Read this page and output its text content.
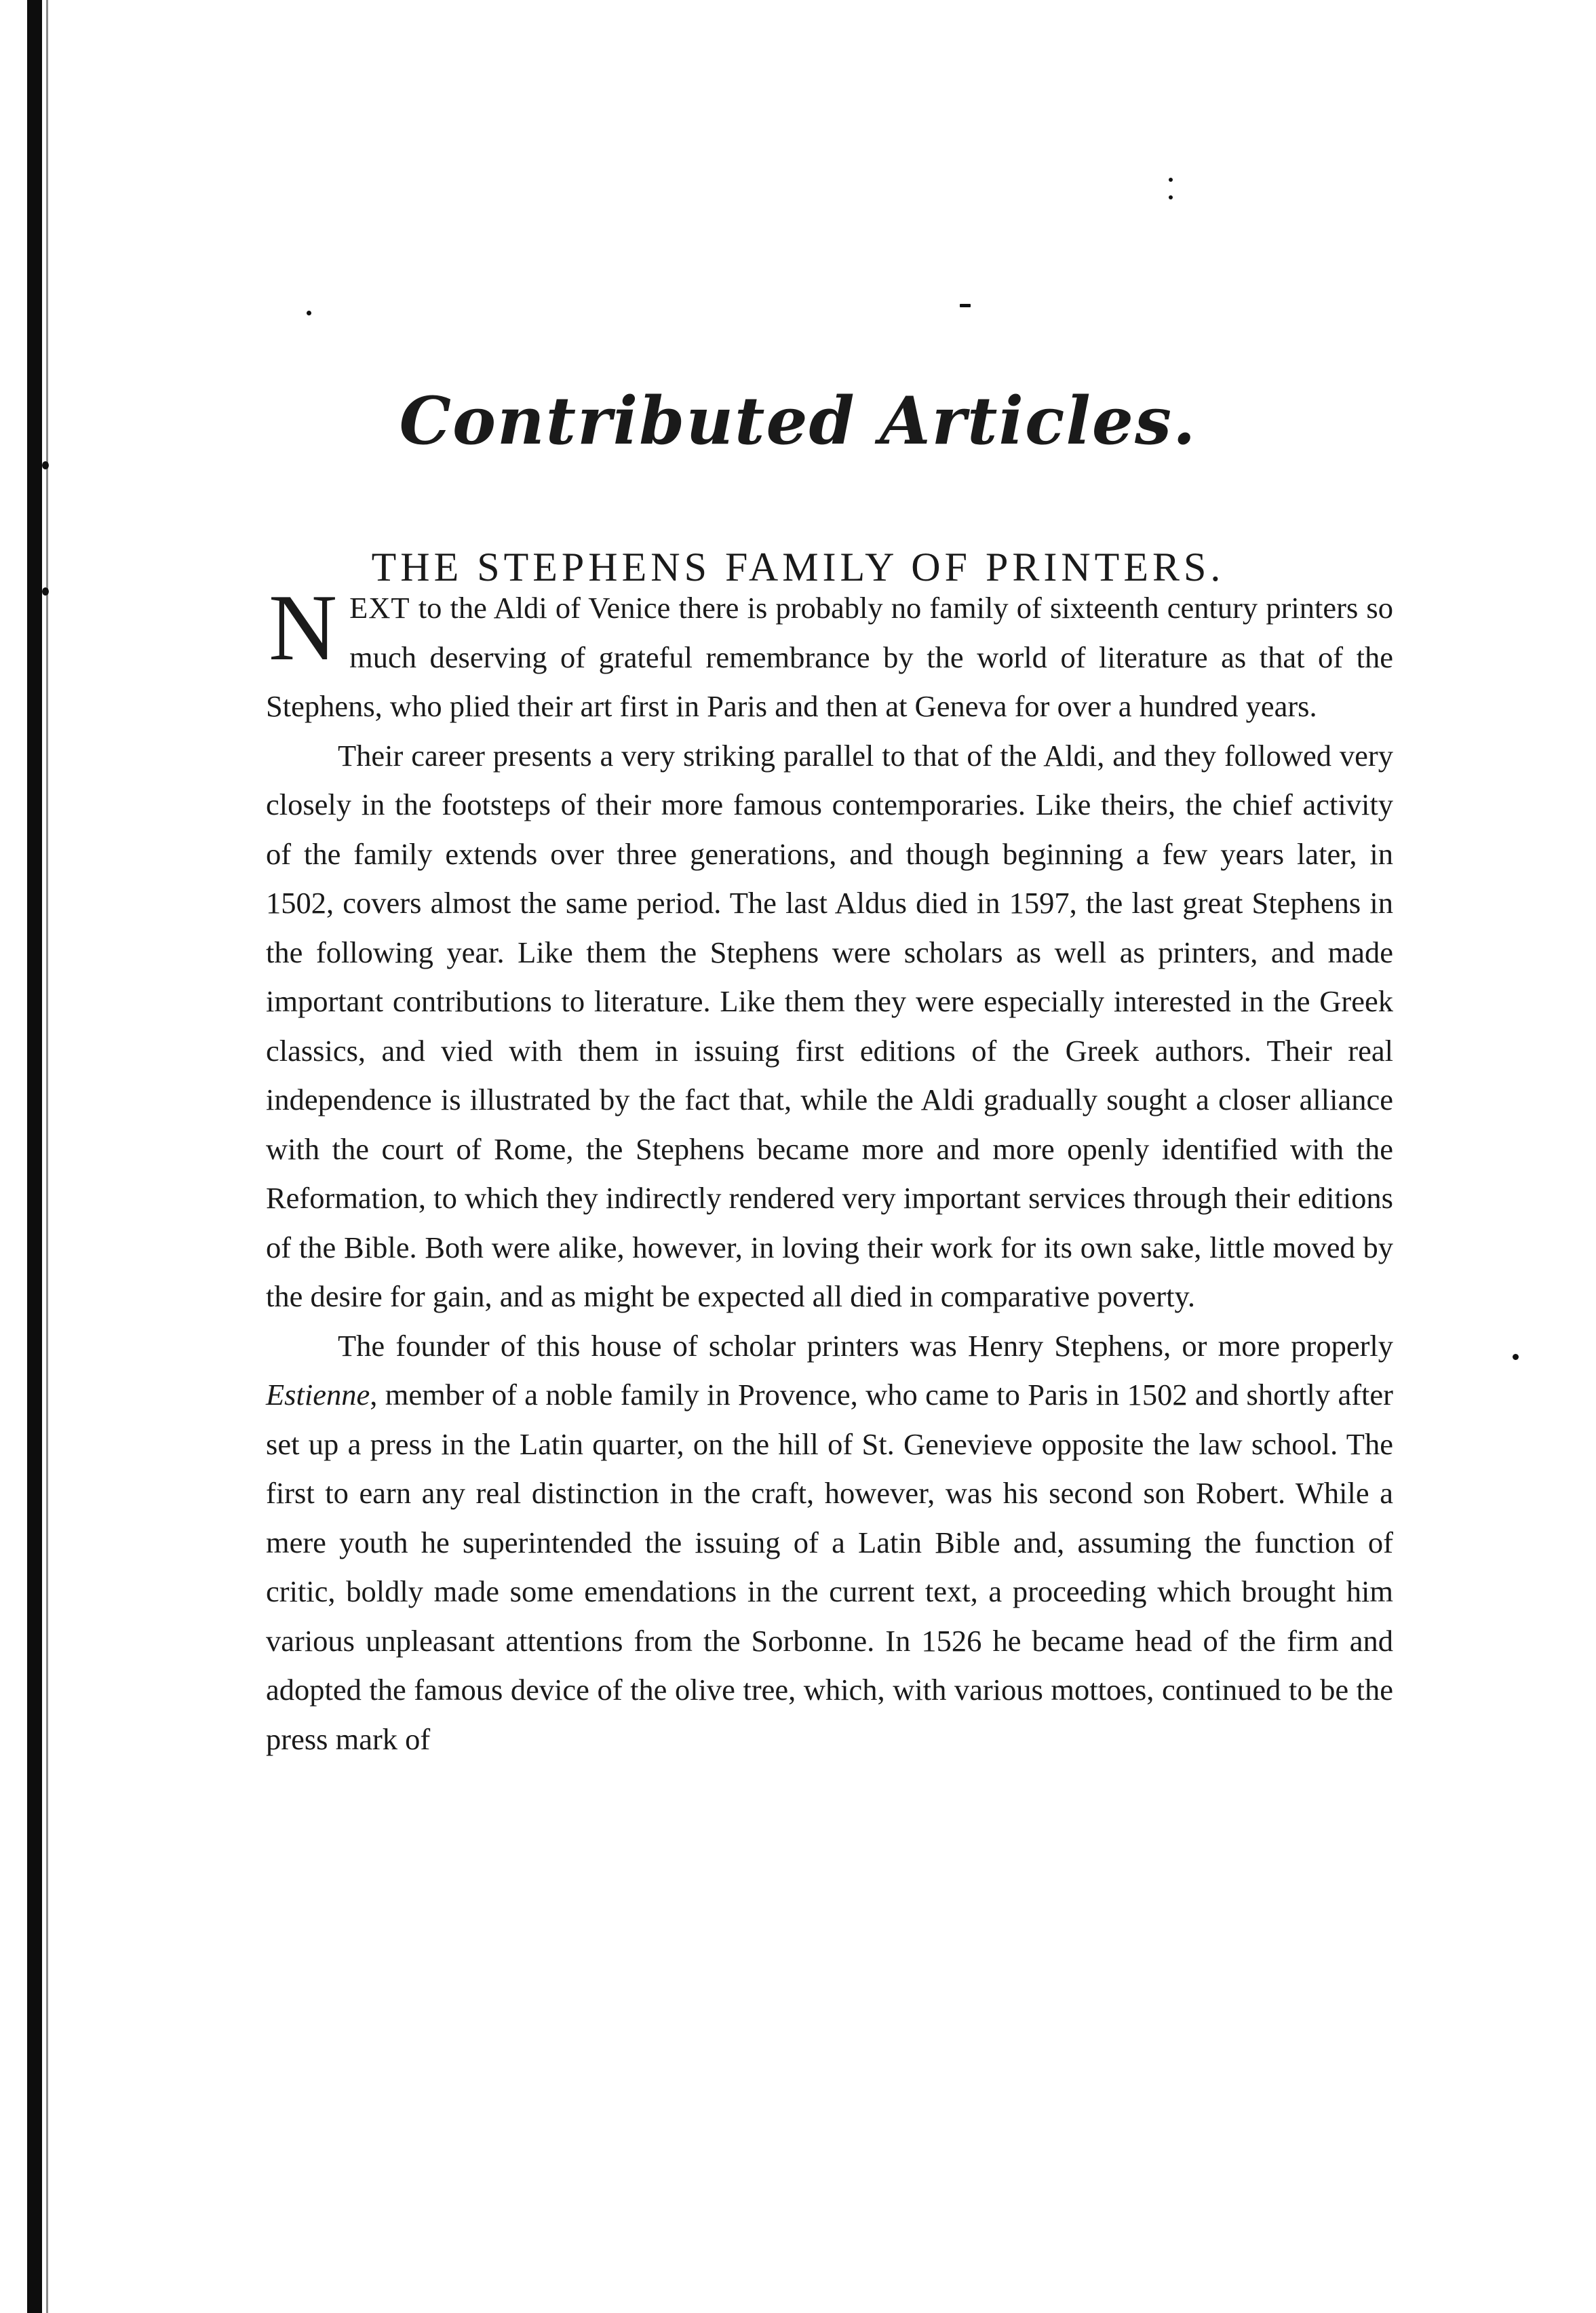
Contributed Articles.
THE STEPHENS FAMILY OF PRINTERS.

NEXT to the Aldi of Venice there is probably no family of sixteenth century printers so much deserving of grateful remembrance by the world of literature as that of the Stephens, who plied their art first in Paris and then at Geneva for over a hundred years.

Their career presents a very striking parallel to that of the Aldi, and they followed very closely in the footsteps of their more famous contemporaries. Like theirs, the chief activity of the family extends over three generations, and though beginning a few years later, in 1502, covers almost the same period. The last Aldus died in 1597, the last great Stephens in the following year. Like them the Stephens were scholars as well as printers, and made important contributions to literature. Like them they were especially interested in the Greek classics, and vied with them in issuing first editions of the Greek authors. Their real independence is illustrated by the fact that, while the Aldi gradually sought a closer alliance with the court of Rome, the Stephens became more and more openly identified with the Reformation, to which they indirectly rendered very important services through their editions of the Bible. Both were alike, however, in loving their work for its own sake, little moved by the desire for gain, and as might be expected all died in comparative poverty.

The founder of this house of scholar printers was Henry Stephens, or more properly Estienne, member of a noble family in Provence, who came to Paris in 1502 and shortly after set up a press in the Latin quarter, on the hill of St. Genevieve opposite the law school. The first to earn any real distinction in the craft, however, was his second son Robert. While a mere youth he superintended the issuing of a Latin Bible and, assuming the function of critic, boldly made some emendations in the current text, a proceeding which brought him various unpleasant attentions from the Sorbonne. In 1526 he became head of the firm and adopted the famous device of the olive tree, which, with various mottoes, continued to be the press mark of
